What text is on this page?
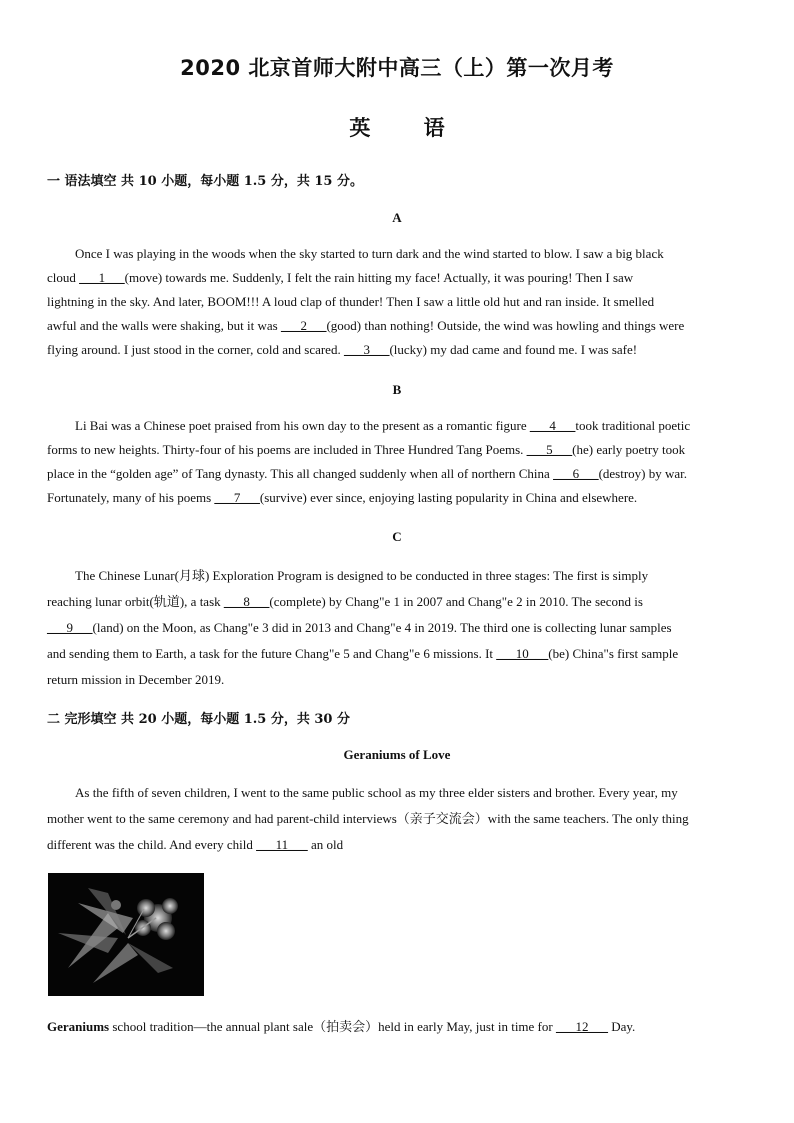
2020 北京首师大附中高三（上）第一次月考
英 语
一 语法填空 共 10 小题，每小题 1.5 分，共 15 分。
A
Once I was playing in the woods when the sky started to turn dark and the wind started to blow. I saw a big black
cloud ___1___(move) towards me. Suddenly, I felt the rain hitting my face! Actually, it was pouring! Then I saw
lightning in the sky. And later, BOOM!!! A loud clap of thunder! Then I saw a little old hut and ran inside. It smelled
awful and the walls were shaking, but it was ___2___(good) than nothing! Outside, the wind was howling and things were
flying around. I just stood in the corner, cold and scared. ___3___(lucky) my dad came and found me. I was safe!
B
Li Bai was a Chinese poet praised from his own day to the present as a romantic figure ___4___took traditional poetic
forms to new heights. Thirty-four of his poems are included in Three Hundred Tang Poems. ___5___(he) early poetry took
place in the “golden age” of Tang dynasty. This all changed suddenly when all of northern China ___6___(destroy) by war.
Fortunately, many of his poems ___7___(survive) ever since, enjoying lasting popularity in China and elsewhere.
C
The Chinese Lunar(月球) Exploration Program is designed to be conducted in three stages: The first is simply
reaching lunar orbit(轨道), a task ___8___(complete) by Chang"e 1 in 2007 and Chang"e 2 in 2010. The second is
___9___(land) on the Moon, as Chang"e 3 did in 2013 and Chang"e 4 in 2019. The third one is collecting lunar samples
and sending them to Earth, a task for the future Chang"e 5 and Chang"e 6 missions. It ___10___(be) China"s first sample
return mission in December 2019.
二 完形填空 共 20 小题，每小题 1.5 分，共 30 分
Geraniums of Love
As the fifth of seven children, I went to the same public school as my three elder sisters and brother. Every year, my
mother went to the same ceremony and had parent-child interviews（亲子交流会）with the same teachers. The only thing
different was the child. And every child ___11___ an old
Geraniums school tradition—the annual plant sale（拍卖会）held in early May, just in time for ___12___ Day.
